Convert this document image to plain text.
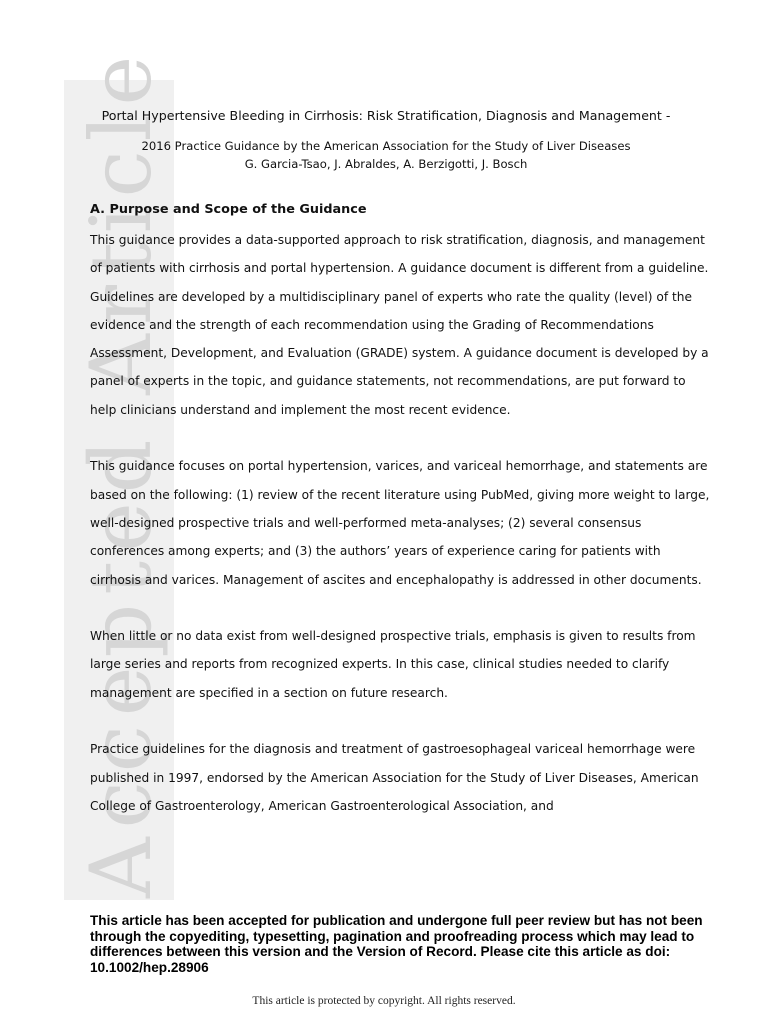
Accepted Article
Portal Hypertensive Bleeding in Cirrhosis: Risk Stratification, Diagnosis and Management -
2016 Practice Guidance by the American Association for the Study of Liver Diseases
G. Garcia-Tsao, J. Abraldes, A. Berzigotti, J. Bosch
A. Purpose and Scope of the Guidance

This guidance provides a data-supported approach to risk stratification, diagnosis, and management of patients with cirrhosis and portal hypertension. A guidance document is different from a guideline. Guidelines are developed by a multidisciplinary panel of experts who rate the quality (level) of the evidence and the strength of each recommendation using the Grading of Recommendations Assessment, Development, and Evaluation (GRADE) system. A guidance document is developed by a panel of experts in the topic, and guidance statements, not recommendations, are put forward to help clinicians understand and implement the most recent evidence.

This guidance focuses on portal hypertension, varices, and variceal hemorrhage, and statements are based on the following: (1) review of the recent literature using PubMed, giving more weight to large, well-designed prospective trials and well-performed meta-analyses; (2) several consensus conferences among experts; and (3) the authors’ years of experience caring for patients with cirrhosis and varices. Management of ascites and encephalopathy is addressed in other documents.

When little or no data exist from well-designed prospective trials, emphasis is given to results from large series and reports from recognized experts. In this case, clinical studies needed to clarify management are specified in a section on future research.

Practice guidelines for the diagnosis and treatment of gastroesophageal variceal hemorrhage were published in 1997, endorsed by the American Association for the Study of Liver Diseases, American College of Gastroenterology, American Gastroenterological Association, and

This article has been accepted for publication and undergone full peer review but has not been through the copyediting, typesetting, pagination and proofreading process which may lead to differences between this version and the Version of Record. Please cite this article as doi: 10.1002/hep.28906
This article is protected by copyright. All rights reserved.
